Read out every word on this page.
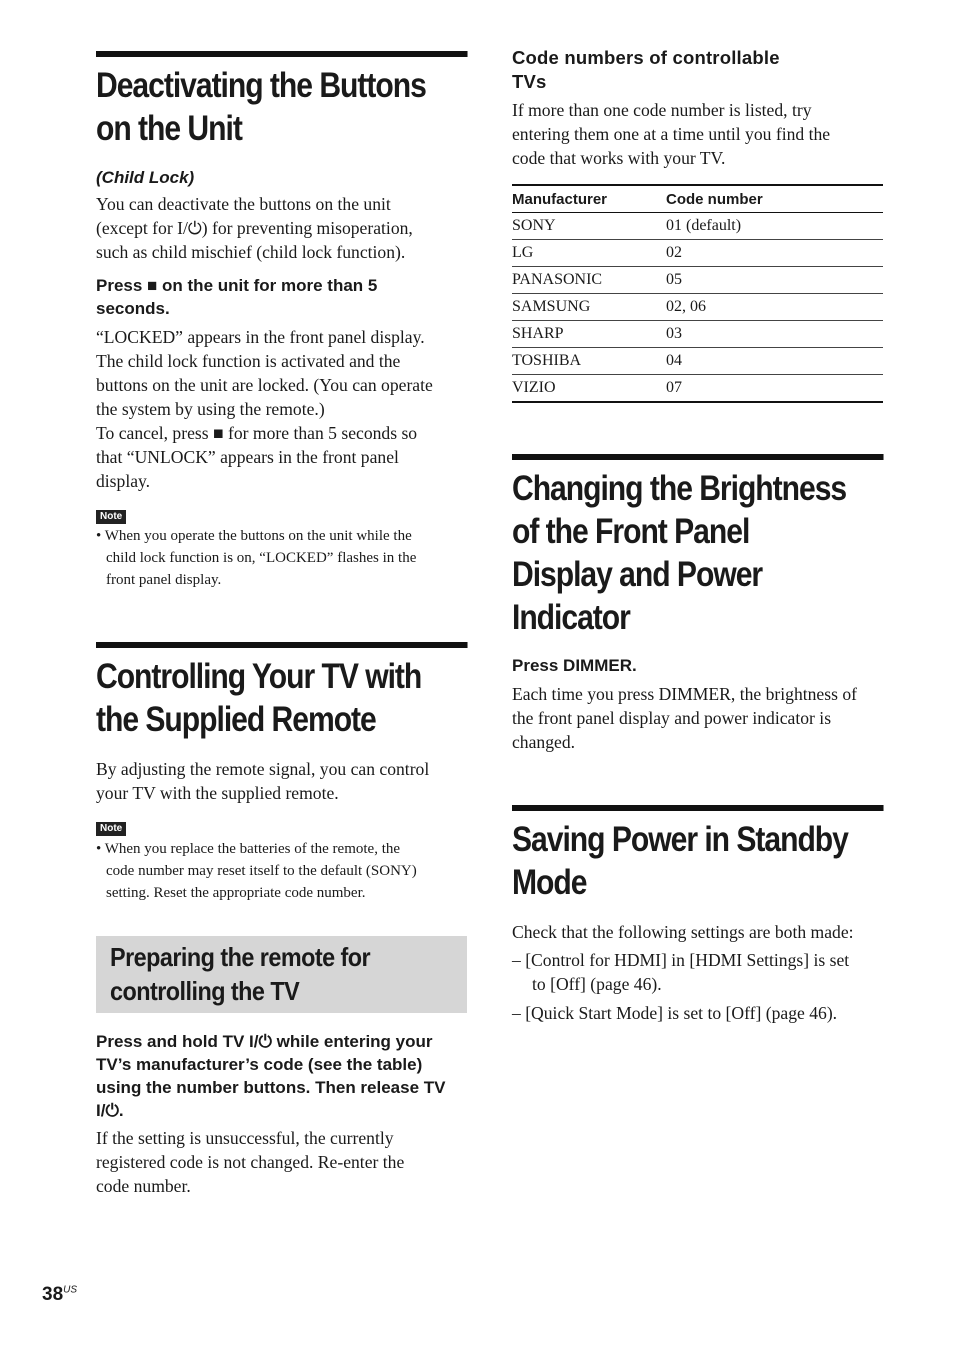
Deactivating the Buttons
on the Unit
(Child Lock)
You can deactivate the buttons on the unit
(except for I/⏻) for preventing misoperation,
such as child mischief (child lock function).
Press ■ on the unit for more than 5
seconds.
“LOCKED” appears in the front panel display.
The child lock function is activated and the
buttons on the unit are locked. (You can operate
the system by using the remote.)
To cancel, press ■ for more than 5 seconds so
that “UNLOCK” appears in the front panel
display.
Note
• When you operate the buttons on the unit while the
child lock function is on, “LOCKED” flashes in the
front panel display.
Controlling Your TV with
the Supplied Remote
By adjusting the remote signal, you can control
your TV with the supplied remote.
Note
• When you replace the batteries of the remote, the
code number may reset itself to the default (SONY)
setting. Reset the appropriate code number.
Preparing the remote for
controlling the TV
Press and hold TV I/⏻ while entering your
TV’s manufacturer’s code (see the table)
using the number buttons. Then release TV
I/⏻.
If the setting is unsuccessful, the currently
registered code is not changed. Re-enter the
code number.
Code numbers of controllable
TVs
If more than one code number is listed, try
entering them one at a time until you find the
code that works with your TV.
Manufacturer	Code number
SONY	01 (default)
LG	02
PANASONIC	05
SAMSUNG	02, 06
SHARP	03
TOSHIBA	04
VIZIO	07
Changing the Brightness
of the Front Panel
Display and Power
Indicator
Press DIMMER.
Each time you press DIMMER, the brightness of
the front panel display and power indicator is
changed.
Saving Power in Standby
Mode
Check that the following settings are both made:
– [Control for HDMI] in [HDMI Settings] is set
to [Off] (page 46).
– [Quick Start Mode] is set to [Off] (page 46).
$38^{US}$
